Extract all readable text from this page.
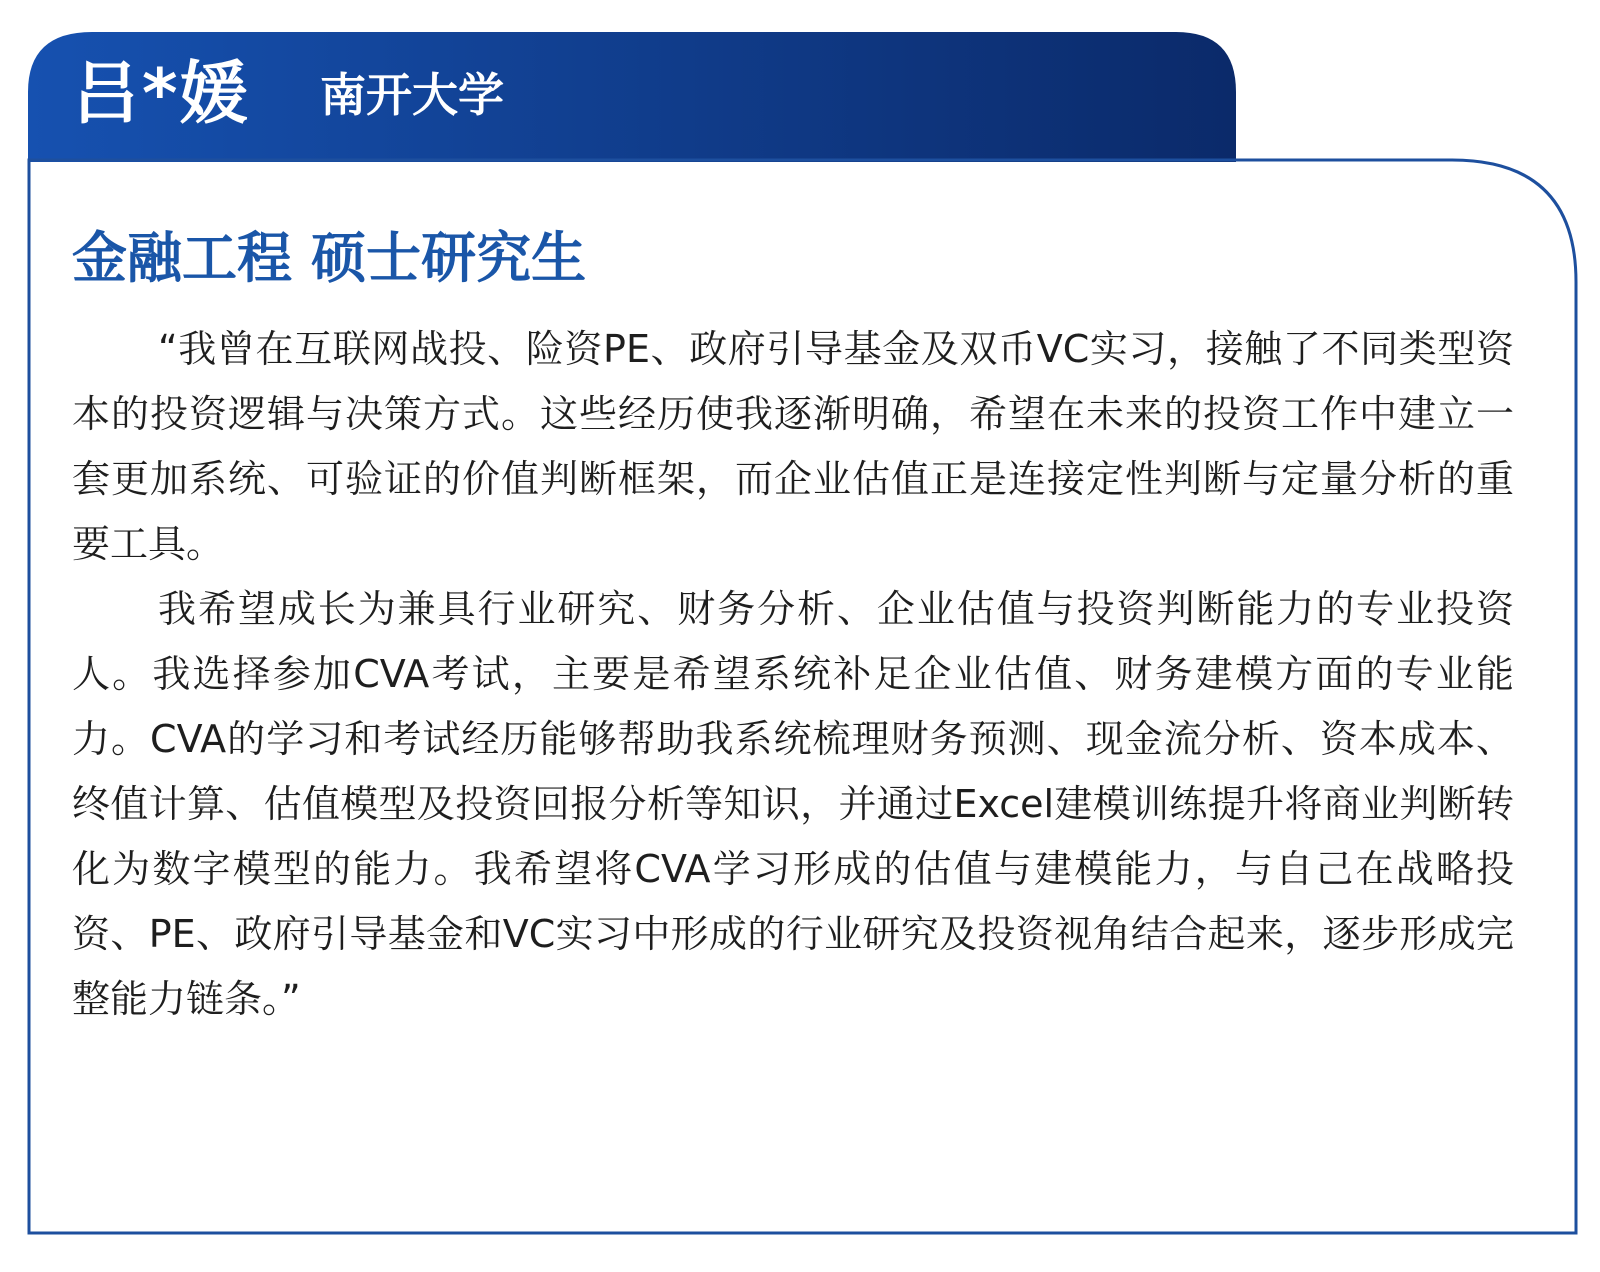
吕*媛 南开大学
金融工程 硕士研究生

“我曾在互联网战投、险资PE、政府引导基金及双币VC实习，接触了不同类型资本的投资逻辑与决策方式。这些经历使我逐渐明确，希望在未来的投资工作中建立一套更加系统、可验证的价值判断框架，而企业估值正是连接定性判断与定量分析的重要工具。

我希望成长为兼具行业研究、财务分析、企业估值与投资判断能力的专业投资人。我选择参加CVA考试，主要是希望系统补足企业估值、财务建模方面的专业能力。CVA的学习和考试经历能够帮助我系统梳理财务预测、现金流分析、资本成本、终值计算、估值模型及投资回报分析等知识，并通过Excel建模训练提升将商业判断转化为数字模型的能力。我希望将CVA学习形成的估值与建模能力，与自己在战略投资、PE、政府引导基金和VC实习中形成的行业研究及投资视角结合起来，逐步形成完整能力链条。”
